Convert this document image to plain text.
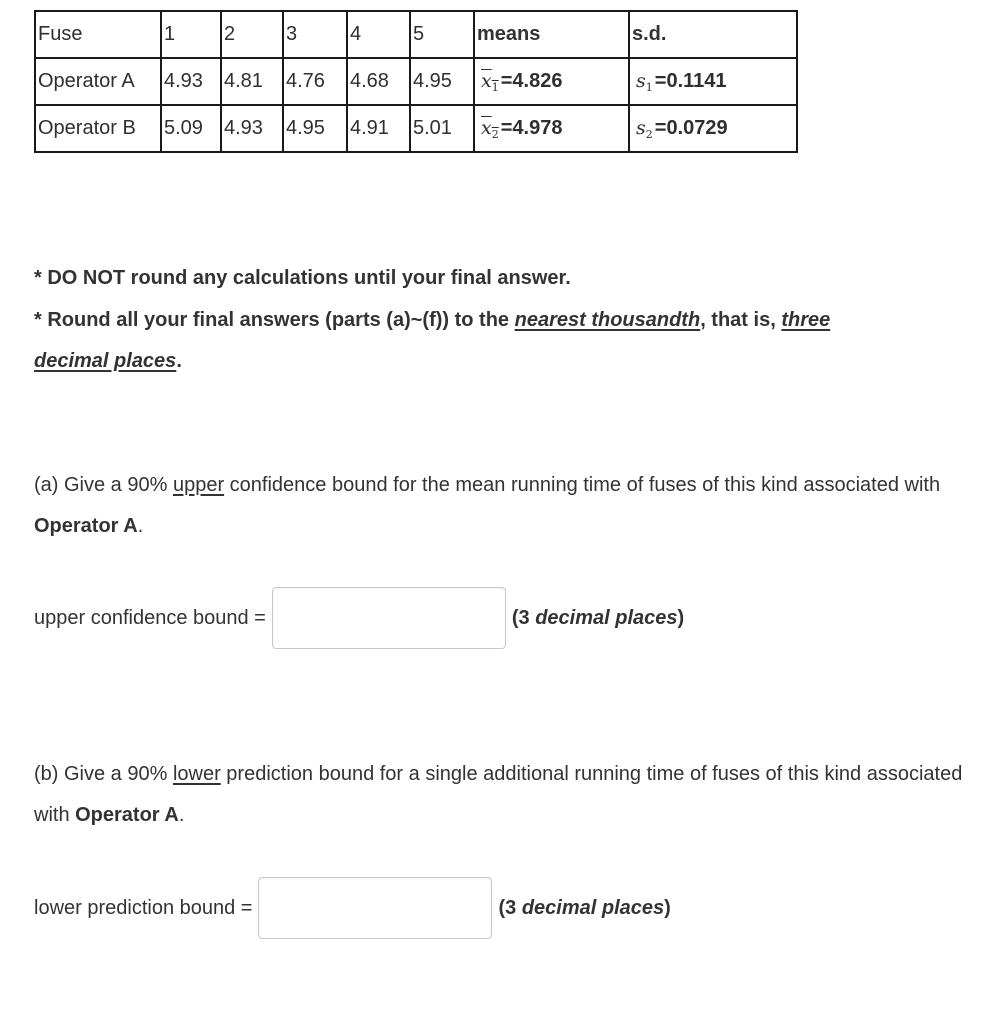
Fuse	1	2	3	4	5	means	s.d.
Operator A	4.93	4.81	4.76	4.68	4.95	$x_1 =4.826$	$s_1 =0.1141$
Operator B	5.09	4.93	4.95	4.91	5.01	$x_2 =4.978$	$s_2 =0.0729$
* DO NOT round any calculations until your final answer.
* Round all your final answers (parts (a)~(f)) to the nearest thousandth, that is, three
decimal places.
(a) Give a 90% upper confidence bound for the mean running time of fuses of this kind associated with Operator A.
upper confidence bound =	(3 decimal places)
(b) Give a 90% lower prediction bound for a single additional running time of fuses of this kind associated with Operator A.
lower prediction bound =	(3 decimal places)
